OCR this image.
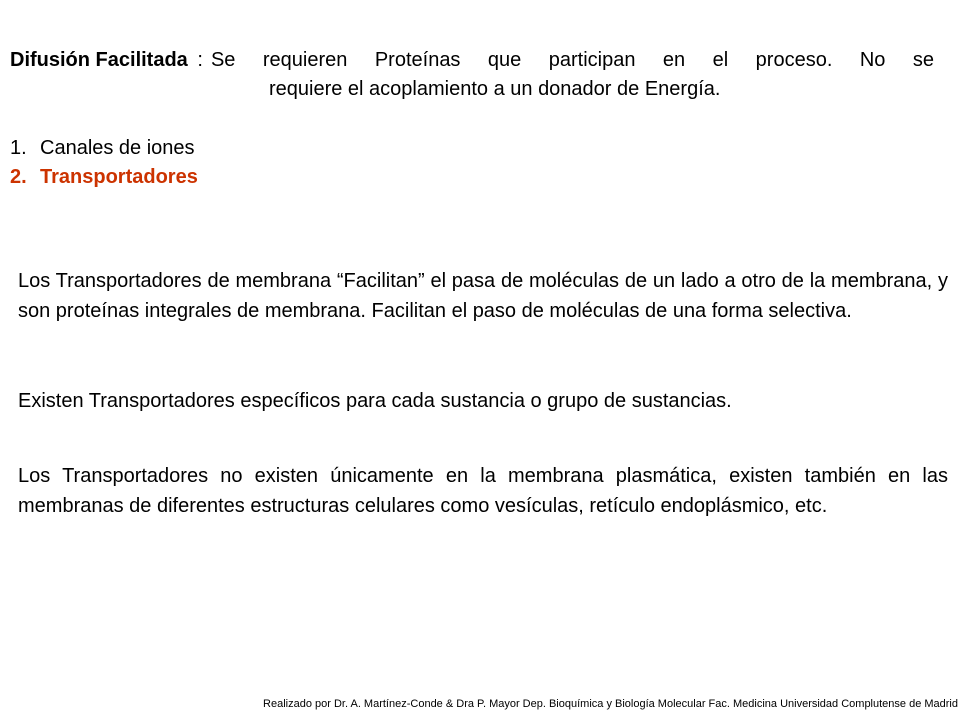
Difusión Facilitada : Se requieren Proteínas que participan en el proceso. No se
requiere el acoplamiento a un donador de Energía.
1. Canales de iones
2. Transportadores

Los Transportadores de membrana “Facilitan” el pasa de moléculas de un lado a otro de la membrana, y son proteínas integrales de membrana. Facilitan el paso de moléculas de una forma selectiva.

Existen Transportadores específicos para cada sustancia o grupo de sustancias.

Los Transportadores no existen únicamente en la membrana plasmática, existen también en las membranas de diferentes estructuras celulares como vesículas, retículo endoplásmico, etc.

Realizado por Dr. A. Martínez-Conde & Dra P. Mayor Dep. Bioquímica y Biología Molecular Fac. Medicina Universidad Complutense de Madrid
